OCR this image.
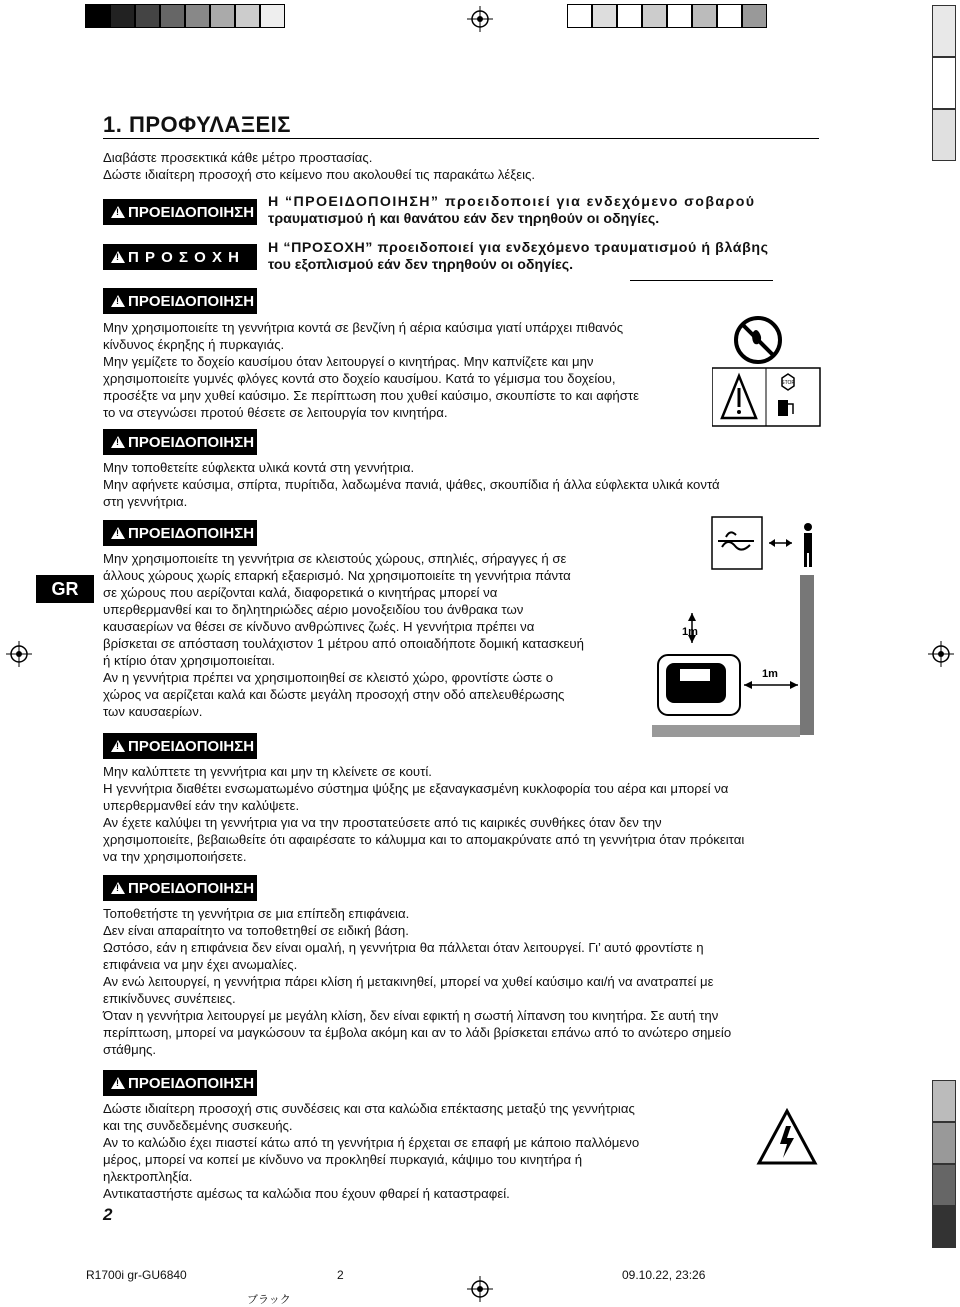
1. ΠΡΟΦΥΛΑΞΕΙΣ

Διαβάστε προσεκτικά κάθε μέτρο προστασίας.

Δώστε ιδιαίτερη προσοχή στο κείμενο που ακολουθεί τις παρακάτω λέξεις.

!
ΠΡΟΕΙΔΟΠΟΙΗΣΗ
Η “ΠΡΟΕΙΔΟΠΟΙΗΣΗ” προειδοποιεί για ενδεχόμενο σοβαρού
τραυματισμού ή και θανάτου εάν δεν τηρηθούν οι οδηγίες.
!
Π Ρ Ο Σ Ο Χ Η
Η “ΠΡΟΣΟΧΗ” προειδοποιεί για ενδεχόμενο τραυματισμού ή βλάβης
του εξοπλισμού εάν δεν τηρηθούν οι οδηγίες.
!
ΠΡΟΕΙΔΟΠΟΙΗΣΗ

Μην χρησιμοποιείτε τη γεννήτρια κοντά σε βενζίνη ή αέρια καύσιμα γιατί υπάρχει πιθανός

κίνδυνος έκρηξης ή πυρκαγιάς.

Μην γεμίζετε το δοχείο καυσίμου όταν λειτουργεί ο κινητήρας. Μην καπνίζετε και μην

χρησιμοποιείτε γυμνές φλόγες κοντά στο δοχείο καυσίμου. Κατά το γέμισμα του δοχείου,

προσέξτε να μην χυθεί καύσιμο. Σε περίπτωση που χυθεί καύσιμο, σκουπίστε το και αφήστε

το να στεγνώσει προτού θέσετε σε λειτουργία τον κινητήρα.

STOP
!
ΠΡΟΕΙΔΟΠΟΙΗΣΗ

Μην τοποθετείτε εύφλεκτα υλικά κοντά στη γεννήτρια.

Μην αφήνετε καύσιμα, σπίρτα, πυρίτιδα, λαδωμένα πανιά, ψάθες, σκουπίδια ή άλλα εύφλεκτα υλικά κοντά

στη γεννήτρια.

!
ΠΡΟΕΙΔΟΠΟΙΗΣΗ
GR

Μην χρησιμοποιείτε τη γεννήτρια σε κλειστούς χώρους, σπηλιές, σήραγγες ή σε

άλλους χώρους χωρίς επαρκή εξαερισμό. Να χρησιμοποιείτε τη γεννήτρια πάντα

σε χώρους που αερίζονται καλά, διαφορετικά ο κινητήρας μπορεί να

υπερθερμανθεί και το δηλητηριώδες αέριο μονοξειδίου του άνθρακα των

καυσαερίων να θέσει σε κίνδυνο ανθρώπινες ζωές. Η γεννήτρια πρέπει να

βρίσκεται σε απόσταση τουλάχιστον 1 μέτρου από οποιαδήποτε δομική κατασκευή

ή κτίριο όταν χρησιμοποιείται.

Αν η γεννήτρια πρέπει να χρησιμοποιηθεί σε κλειστό χώρο, φροντίστε ώστε ο

χώρος να αερίζεται καλά και δώστε μεγάλη προσοχή στην οδό απελευθέρωσης

των καυσαερίων.

1m
1m
!
ΠΡΟΕΙΔΟΠΟΙΗΣΗ

Μην καλύπτετε τη γεννήτρια και μην τη κλείνετε σε κουτί.

Η γεννήτρια διαθέτει ενσωματωμένο σύστημα ψύξης με εξαναγκασμένη κυκλοφορία του αέρα και μπορεί να

υπερθερμανθεί εάν την καλύψετε.

Αν έχετε καλύψει τη γεννήτρια για να την προστατεύσετε από τις καιρικές συνθήκες όταν δεν την

χρησιμοποιείτε, βεβαιωθείτε ότι αφαιρέσατε το κάλυμμα και το απομακρύνατε από τη γεννήτρια όταν πρόκειται

να την χρησιμοποιήσετε.

!
ΠΡΟΕΙΔΟΠΟΙΗΣΗ

Τοποθετήστε τη γεννήτρια σε μια επίπεδη επιφάνεια.

Δεν είναι απαραίτητο να τοποθετηθεί σε ειδική βάση.

Ωστόσο, εάν η επιφάνεια δεν είναι ομαλή, η γεννήτρια θα πάλλεται όταν λειτουργεί. Γι’ αυτό φροντίστε η

επιφάνεια να μην έχει ανωμαλίες.

Αν ενώ λειτουργεί, η γεννήτρια πάρει κλίση ή μετακινηθεί, μπορεί να χυθεί καύσιμο και/ή να ανατραπεί με

επικίνδυνες συνέπειες.

Όταν η γεννήτρια λειτουργεί με μεγάλη κλίση, δεν είναι εφικτή η σωστή λίπανση του κινητήρα. Σε αυτή την

περίπτωση, μπορεί να μαγκώσουν τα έμβολα ακόμη και αν το λάδι βρίσκεται επάνω από το ανώτερο σημείο

στάθμης.

!
ΠΡΟΕΙΔΟΠΟΙΗΣΗ

Δώστε ιδιαίτερη προσοχή στις συνδέσεις και στα καλώδια επέκτασης μεταξύ της γεννήτριας

και της συνδεδεμένης συσκευής.

Αν το καλώδιο έχει πιαστεί κάτω από τη γεννήτρια ή έρχεται σε επαφή με κάποιο παλλόμενο

μέρος, μπορεί να κοπεί με κίνδυνο να προκληθεί πυρκαγιά, κάψιμο του κινητήρα ή

ηλεκτροπληξία.

Αντικαταστήστε αμέσως τα καλώδια που έχουν φθαρεί ή καταστραφεί.

2
R1700i gr-GU6840	2	09.10.22, 23:26
ブラック
